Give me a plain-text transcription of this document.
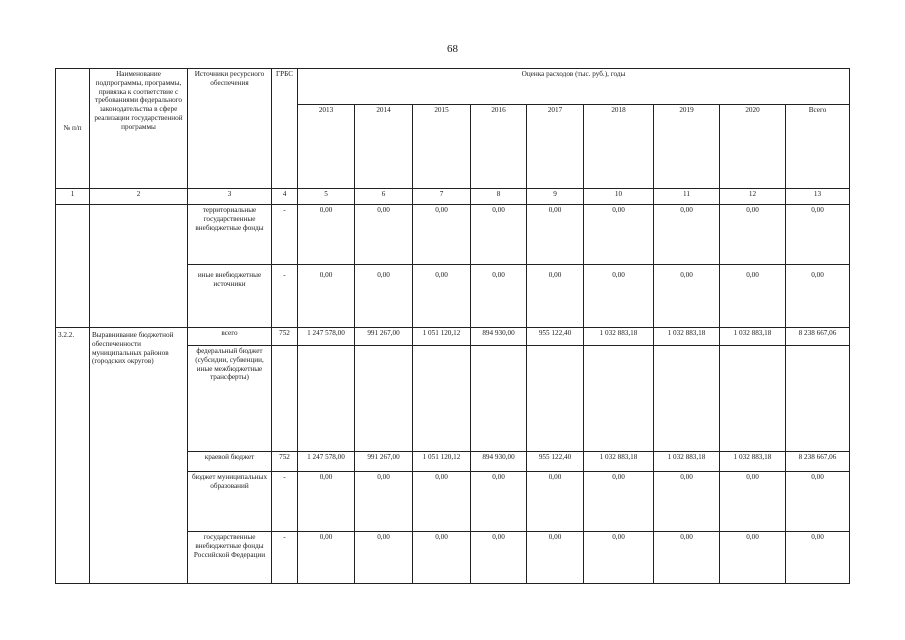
68
№ п/п	Наименование подпрограммы, программы, привязка к соответствие с требованиями федерального законодательства в сфере реализации государственной программы	Источники ресурсного обеспечения	ГРБС	Оценка расходов (тыс. руб.), годы								
				2013	2014	2015	2016	2017	2018	2019	2020	Всего
1	2	3	4	5	6	7	8	9	10	11	12	13
		территориальные государственные внебюджетные фонды	-	0,00	0,00	0,00	0,00	0,00	0,00	0,00	0,00	0,00
		иные внебюджетные источники	-	0,00	0,00	0,00	0,00	0,00	0,00	0,00	0,00	0,00
3.2.2.	Выравнивание бюджетной обеспеченности муниципальных районов (городских округов)	всего	752	1 247 578,00	991 267,00	1 051 120,12	894 930,00	955 122,40	1 032 883,18	1 032 883,18	1 032 883,18	8 238 667,06
		федеральный бюджет (субсидии, субвенции, иные межбюджетные трансферты)										
		краевой бюджет	752	1 247 578,00	991 267,00	1 051 120,12	894 930,00	955 122,40	1 032 883,18	1 032 883,18	1 032 883,18	8 238 667,06
		бюджет муниципальных образований	-	0,00	0,00	0,00	0,00	0,00	0,00	0,00	0,00	0,00
		государственные внебюджетные фонды Российской Федерации	-	0,00	0,00	0,00	0,00	0,00	0,00	0,00	0,00	0,00
